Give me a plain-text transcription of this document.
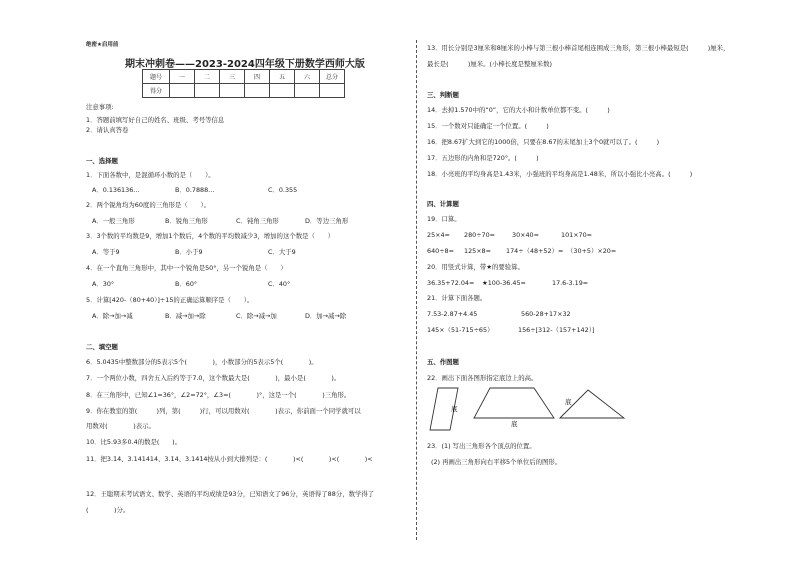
绝密★启用前
期末冲刺卷——2023-2024四年级下册数学西师大版
题号	一	二	三	四	五	六	总分
得分							
注意事项:
1．答题前填写好自己的姓名、班级、考号等信息
2．请认真答卷
一、选择题
1．下面各数中，是混循环小数的是（　　）。
A．0.136136…	B．0.7888…	C．0.355
2．两个锐角均为60度的三角形是（　　）。
A．一般三角形	B．锐角三角形	C．钝角三角形	D．等边三角形
3．3个数的平均数是9，增加1个数后，4个数的平均数减少3，增加的这个数是（　　）
A．等于9	B．小于9	C．大于9
4．在一个直角三角形中，其中一个锐角是50°，另一个锐角是（　　）
A．30°	B．60°	C．40°
5．计算[420-（80+40）]÷15的正确运算顺序是（　　）。
A．除→加→减	B．减→加→除	C．除→减→加	D．加→减→除
二、填空题
6．5.0435中整数部分的5表示5个(　　　　)，小数部分的5表示5个(　　　　)。
7．一个两位小数，四舍五入后约等于7.0，这个数最大是(　　　　)，最小是(　　　　)。
8．在三角形中，已知∠1=36°，∠2=72°，∠3=(　　　　)°，这是一个(　　　　)三角形。
9．你在教室的第(　　　)列，第(　　　)行，可以用数对(　　　　)表示，你前面一个同学就可以
用数对(　　　　)表示。
10．比5.93多0.4的数是(　　)。
11．把3.1̇4̇、3.141414、3.1̇4、3.14̇1̇4按从小到大排列是：(　　　　)<(　　　　)<(　　　　)<
12．王聪期末考试语文、数学、英语的平均成绩是93分，已知语文了96分，英语得了88分，数学得了
(　　　　)分。
13．用长分别是3厘米和8厘米的小棒与第三根小棒首尾相连围成三角形，第三根小棒最短是(　　　)厘米，
最长是(　　　)厘米。(小棒长度是整厘米数)
三、判断题
14．去掉1.570中的“0”，它的大小和计数单位都不变。(　　　)
15．一个数对只能确定一个位置。(　　　)
16．把8.67扩大到它的1000倍，只要在8.67的末尾加上3个0就可以了。(　　　)
17．五边形的内角和是720°。(　　　)
18．小亮班的平均身高是1.43米，小强班的平均身高是1.48米，所以小强比小亮高。(　　　)
四、计算题
19．口算。
25×4= 280÷70=	30×40=	101×70=
640÷8= 125×8= 174÷（48+52）= （30+5）×20=
20．用竖式计算，带★的要验算。
36.35+72.04= ★100-36.45=	17.6-3.19=
21．计算下面各题。
7.53-2.87+4.45	560-28+17×32
145×（51-715÷65）	156÷[312-（157+142）]
五、作图题
22．画出下面各图形指定底边上的高。
23．(1) 写出三角形各个顶点的位置。
(2) 再画出三角形向右平移5个单位后的图形。
底
底
底
